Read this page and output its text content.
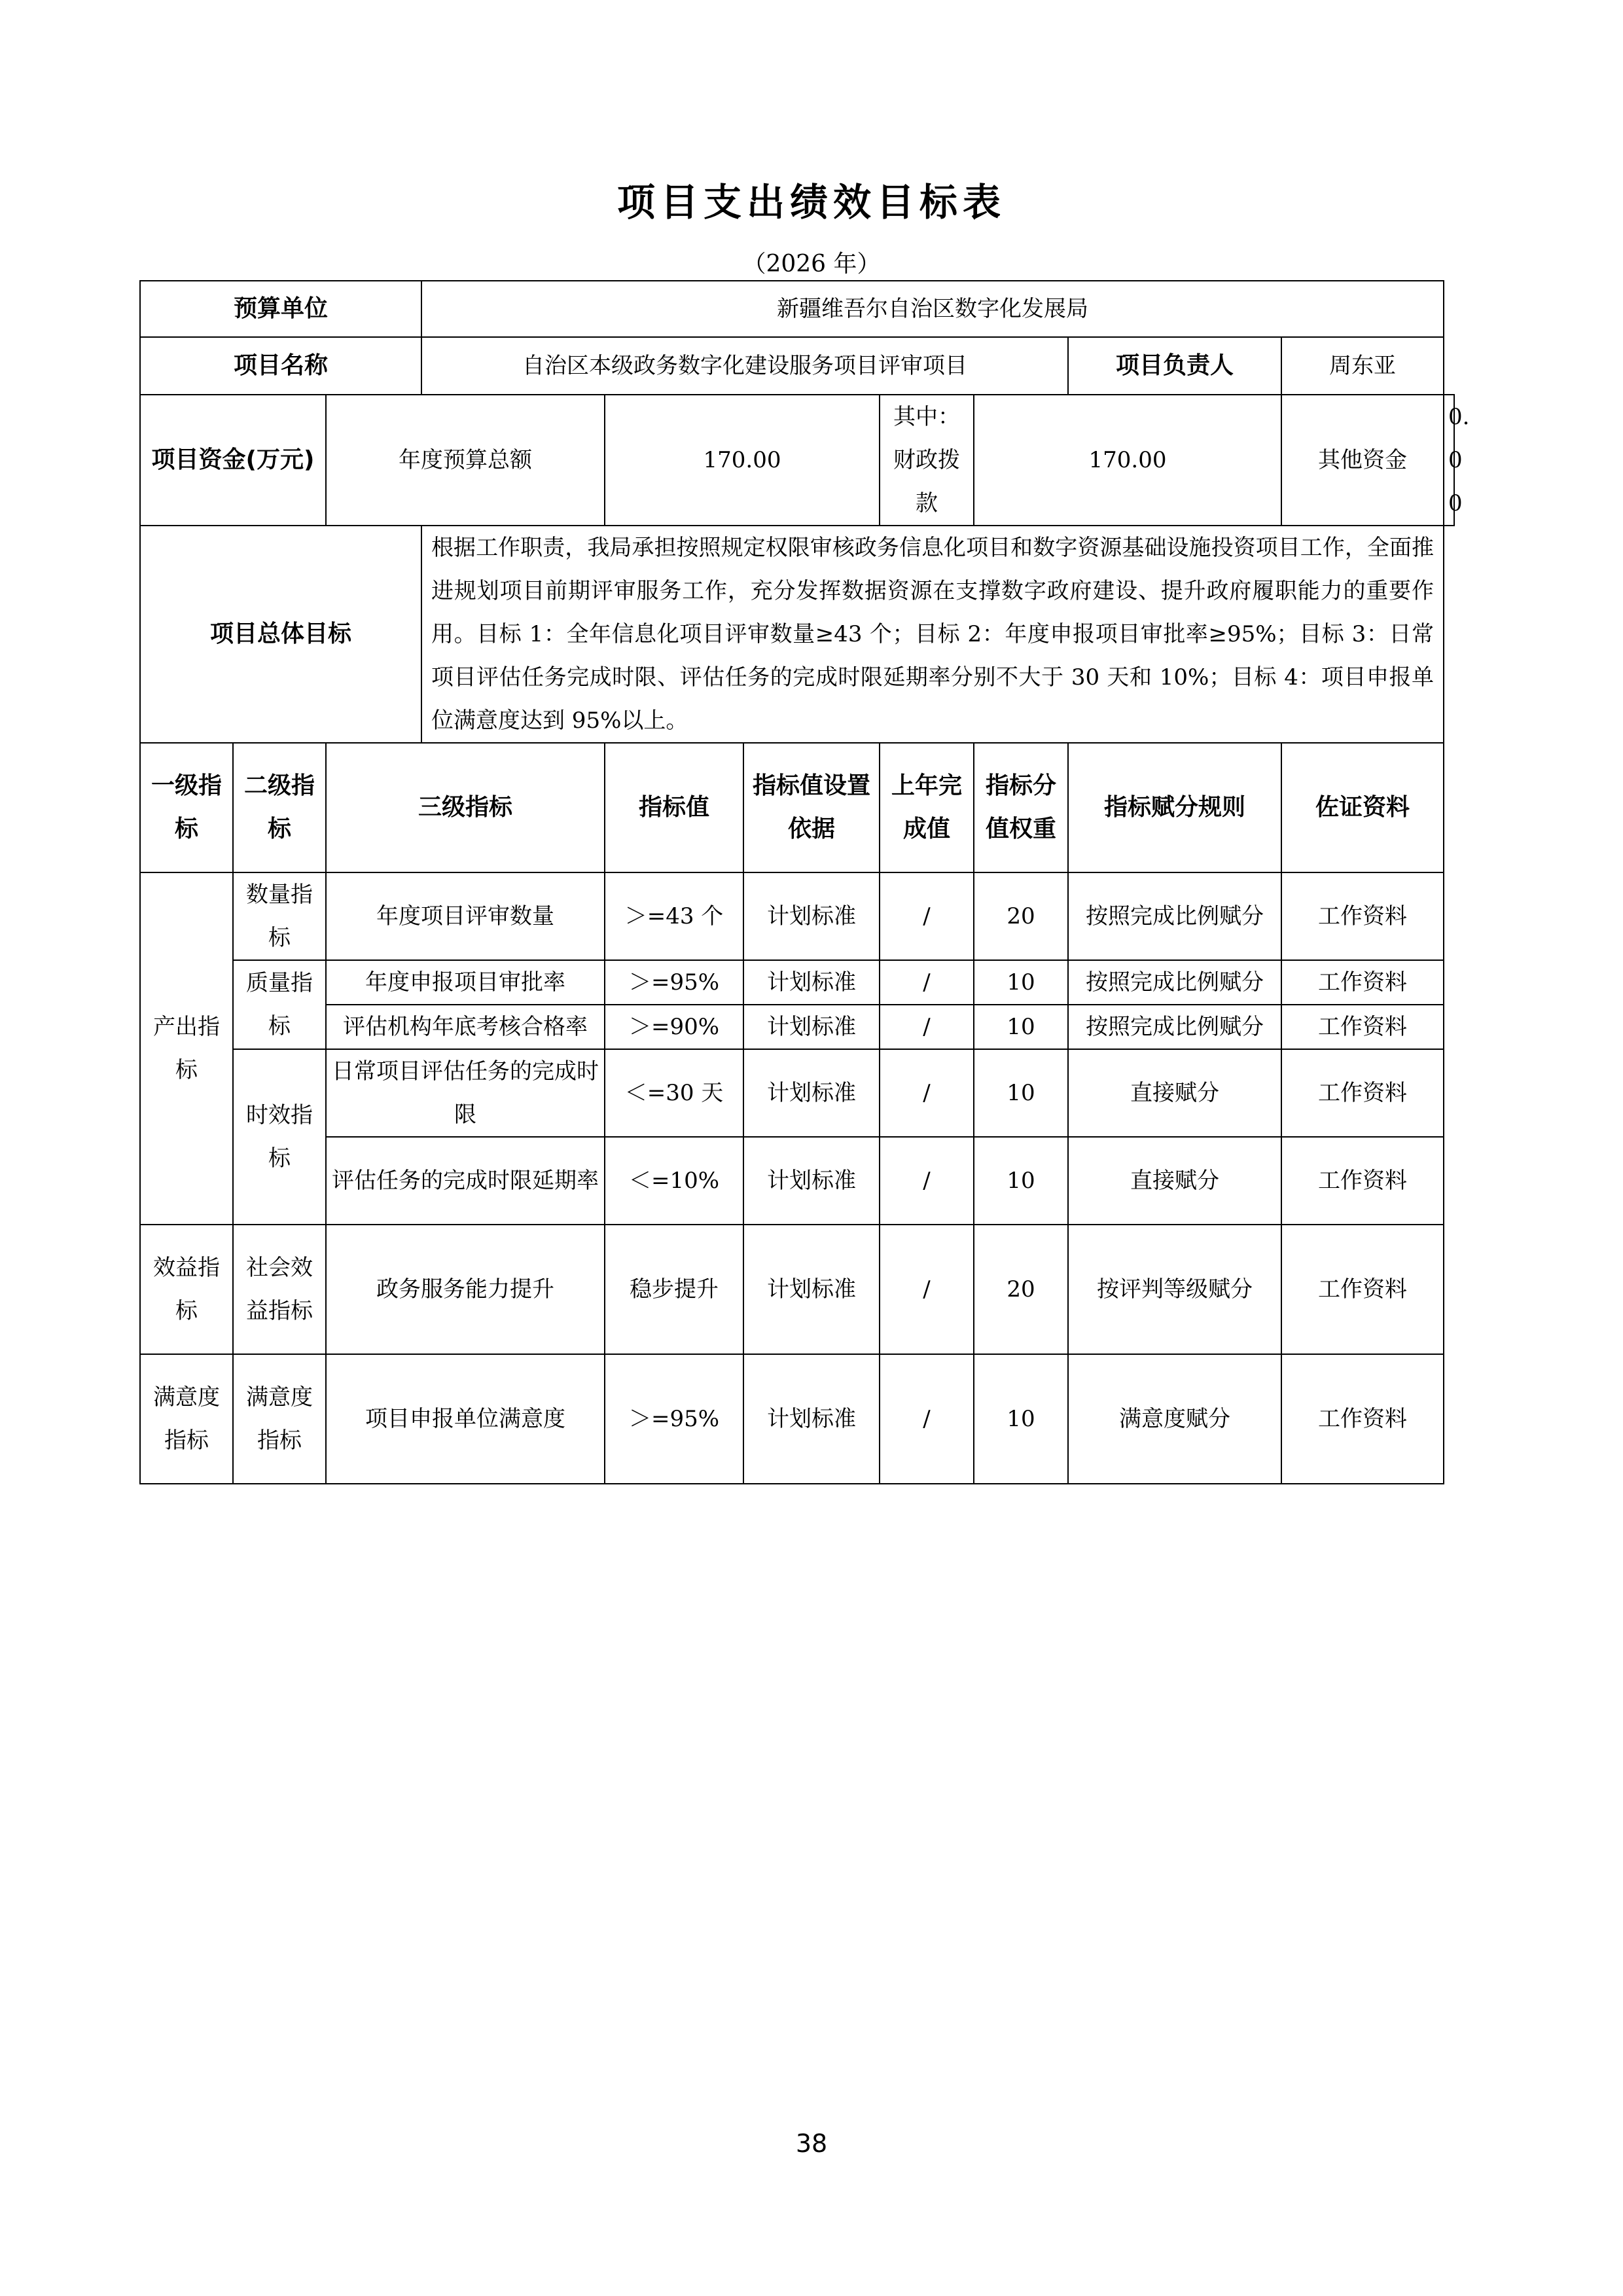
项目支出绩效目标表
（2026 年）
预算单位			新疆维吾尔自治区数字化发展局							
项目名称			自治区本级政务数字化建设服务项目评审项目					项目负责人	周东亚	
项目资金(万元)		年度预算总额		170.00		其中：财政拨款	170.00		其他资金	0.00
项目总体目标			根据工作职责，我局承担按照规定权限审核政务信息化项目和数字资源基础设施投资项目工作，全面推进规划项目前期评审服务工作，充分发挥数据资源在支撑数字政府建设、提升政府履职能力的重要作用。目标 1：全年信息化项目评审数量≥43 个；目标 2：年度申报项目审批率≥95%；目标 3：日常项目评估任务完成时限、评估任务的完成时限延期率分别不大于 30 天和 10%；目标 4：项目申报单位满意度达到 95%以上。							
一级指标	二级指标	三级指标		指标值	指标值设置依据	上年完成值	指标分值权重	指标赋分规则	佐证资料	
产出指标	数量指标	年度项目评审数量		＞=43 个	计划标准	/	20	按照完成比例赋分	工作资料	
	质量指标	年度申报项目审批率		＞=95%	计划标准	/	10	按照完成比例赋分	工作资料	
		评估机构年底考核合格率		＞=90%	计划标准	/	10	按照完成比例赋分	工作资料	
	时效指标	日常项目评估任务的完成时限		＜=30 天	计划标准	/	10	直接赋分	工作资料	
		评估任务的完成时限延期率		＜=10%	计划标准	/	10	直接赋分	工作资料	
效益指标	社会效益指标	政务服务能力提升		稳步提升	计划标准	/	20	按评判等级赋分	工作资料	
满意度指标	满意度指标	项目申报单位满意度		＞=95%	计划标准	/	10	满意度赋分	工作资料	
38
